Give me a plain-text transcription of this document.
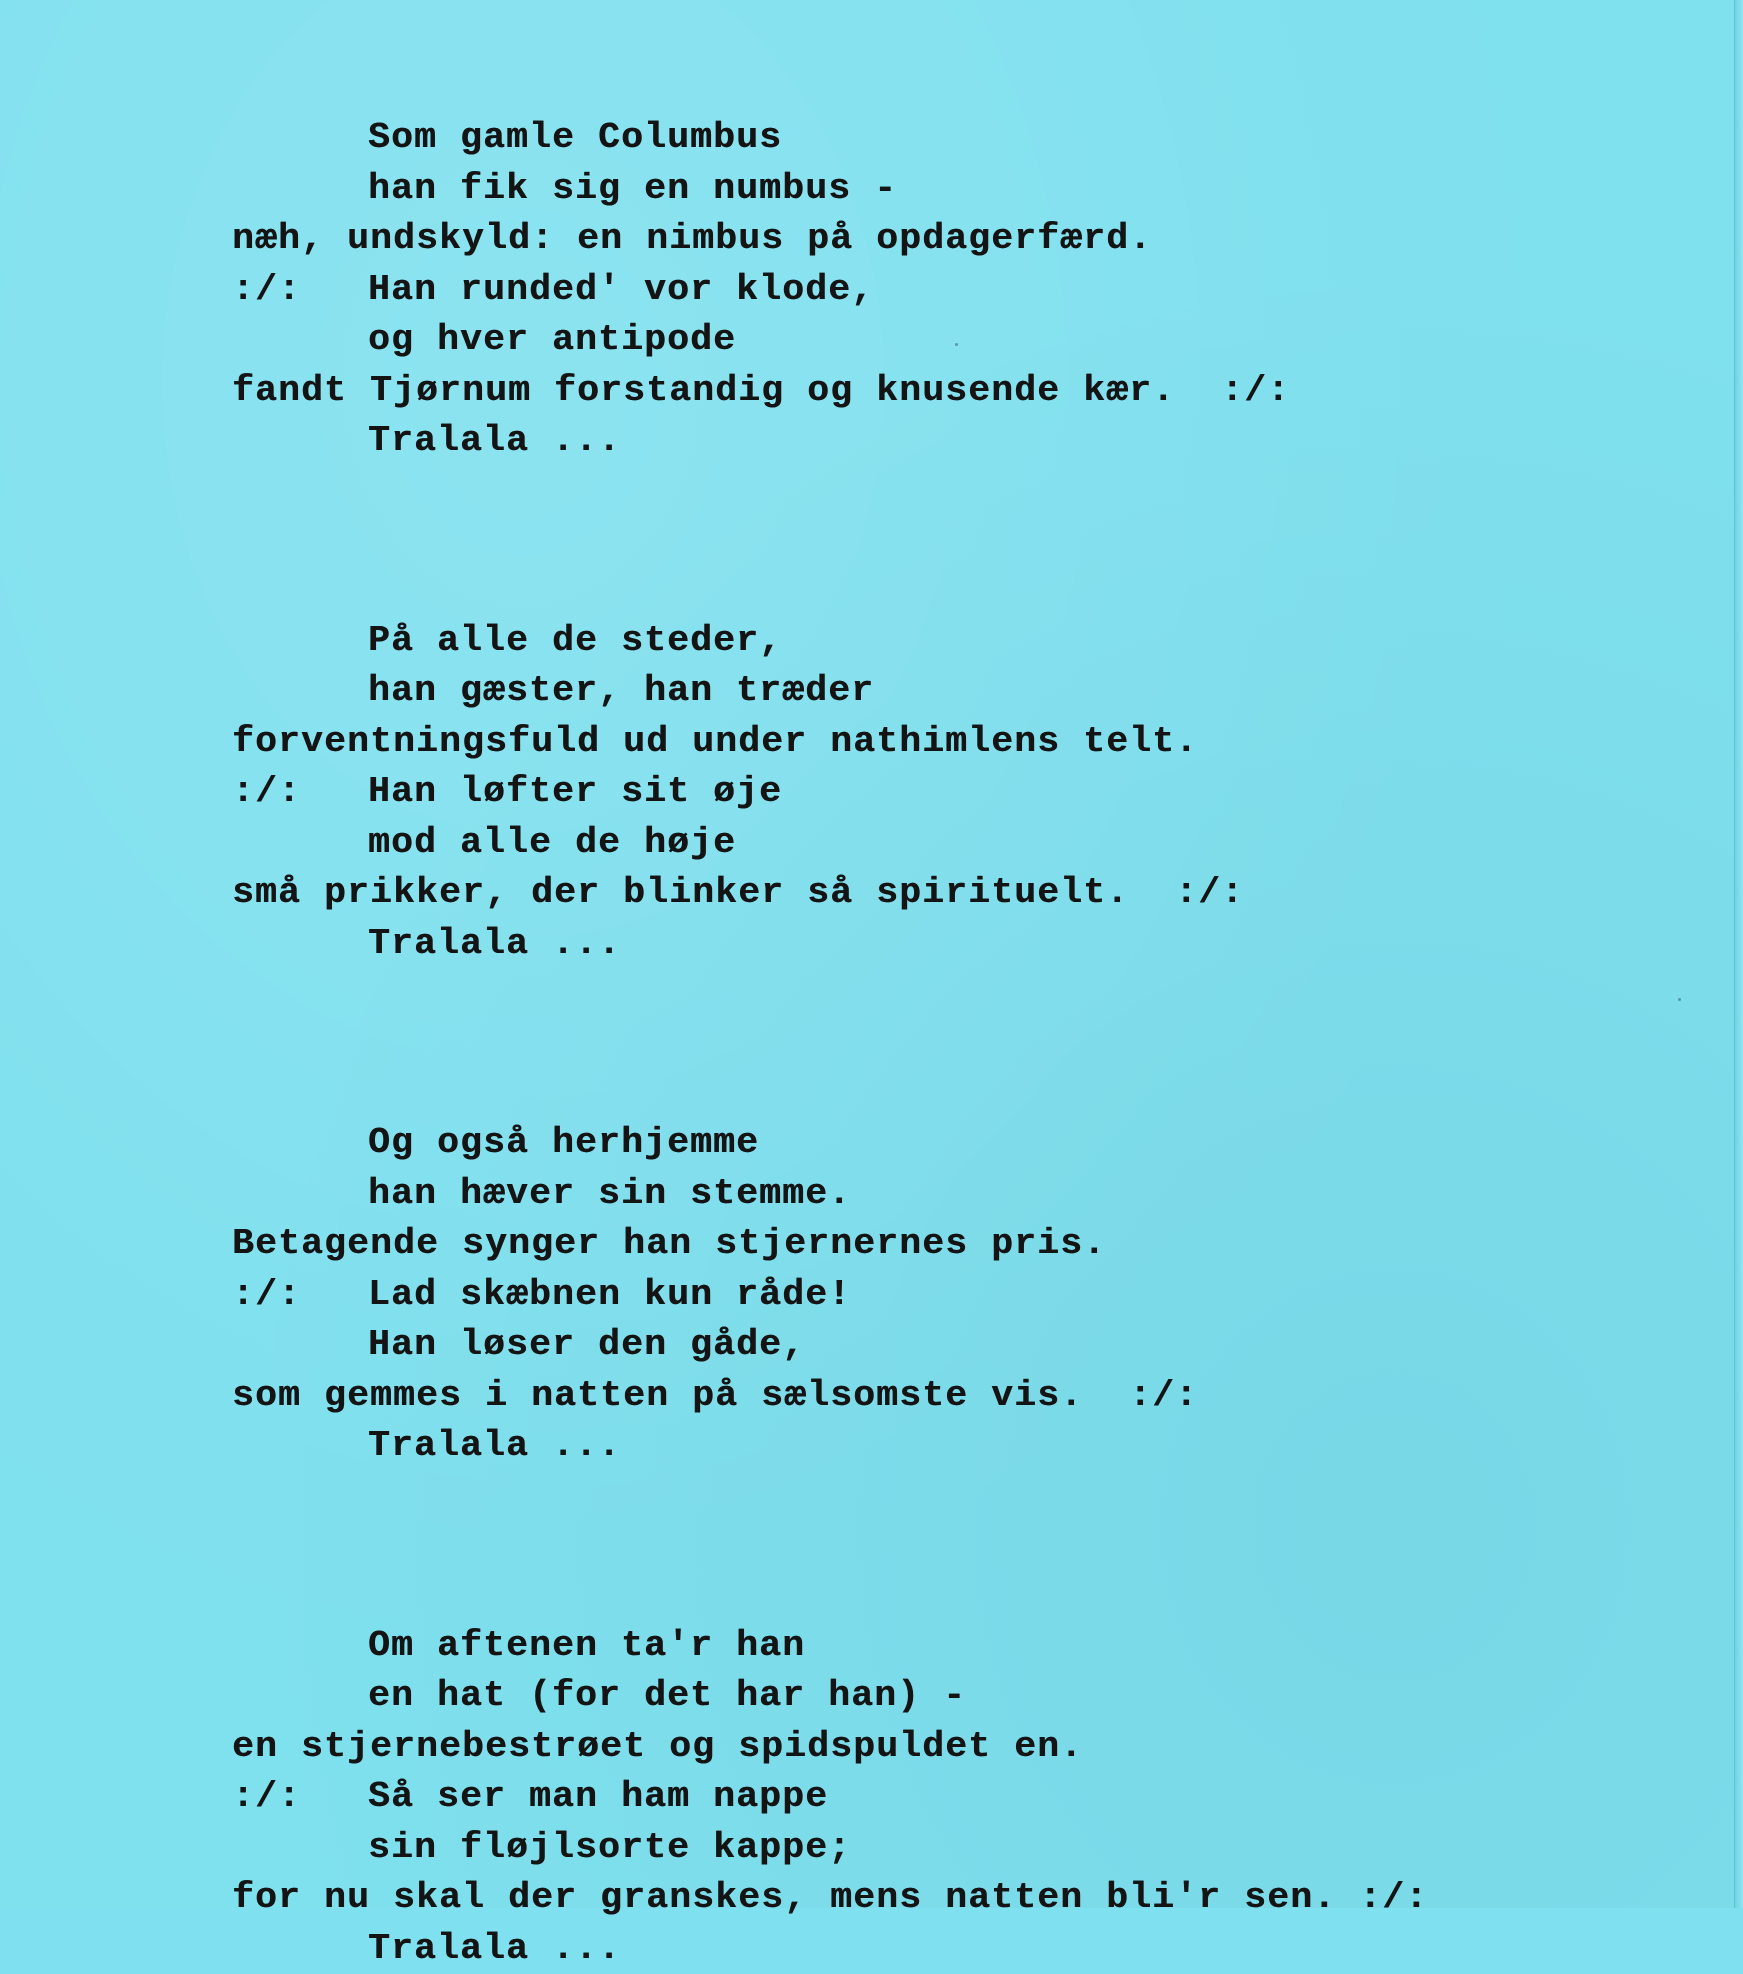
Som gamle Columbus
han fik sig en numbus -
næh, undskyld: en nimbus på opdagerfærd.
:/: Han runded' vor klode,
og hver antipode
fandt Tjørnum forstandig og knusende kær.  :/:
Tralala ...
På alle de steder,
han gæster, han træder
forventningsfuld ud under nathimlens telt.
:/: Han løfter sit øje
mod alle de høje
små prikker, der blinker så spirituelt.  :/:
Tralala ...
Og også herhjemme
han hæver sin stemme.
Betagende synger han stjernernes pris.
:/: Lad skæbnen kun råde!
Han løser den gåde,
som gemmes i natten på sælsomste vis.  :/:
Tralala ...
Om aftenen ta'r han
en hat (for det har han) -
en stjernebestrøet og spidspuldet en.
:/: Så ser man ham nappe
sin fløjlsorte kappe;
for nu skal der granskes, mens natten bli'r sen. :/:
Tralala ...
